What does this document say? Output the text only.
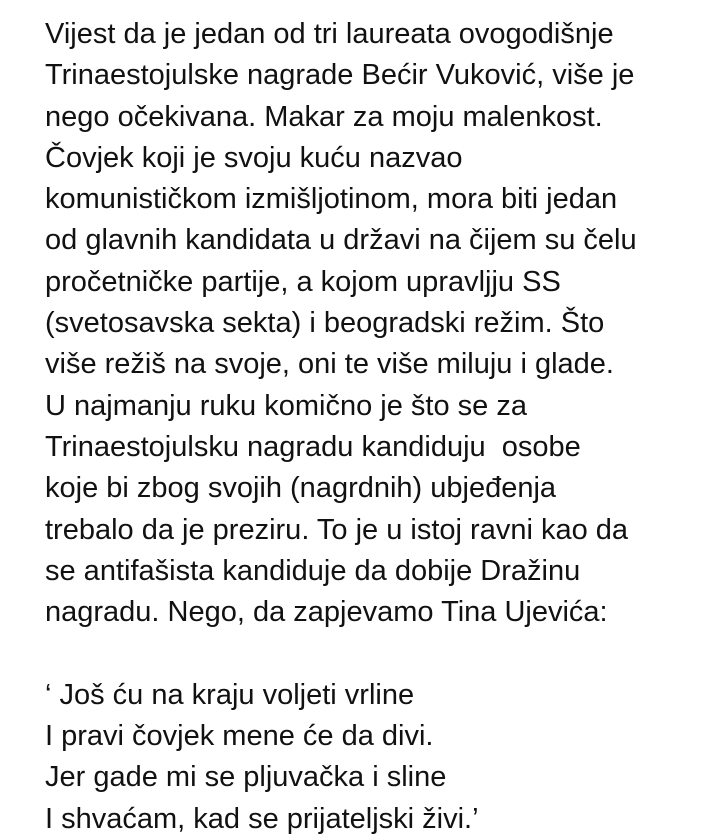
Vijest da je jedan od tri laureata ovogodišnje
Trinaestojulske nagrade Bećir Vuković, više je
nego očekivana. Makar za moju malenkost.
Čovjek koji je svoju kuću nazvao
komunističkom izmišljotinom, mora biti jedan
od glavnih kandidata u državi na čijem su čelu
pročetničke partije, a kojom upravljju SS
(svetosavska sekta) i beogradski režim. Što
više režiš na svoje, oni te više miluju i glade.
U najmanju ruku komično je što se za
Trinaestojulsku nagradu kandiduju  osobe
koje bi zbog svojih (nagrdnih) ubjeđenja
trebalo da je preziru. To je u istoj ravni kao da
se antifašista kandiduje da dobije Dražinu
nagradu. Nego, da zapjevamo Tina Ujevića:
‘ Još ću na kraju voljeti vrline
I pravi čovjek mene će da divi.
Jer gade mi se pljuvačka i sline
I shvaćam, kad se prijateljski živi.’
